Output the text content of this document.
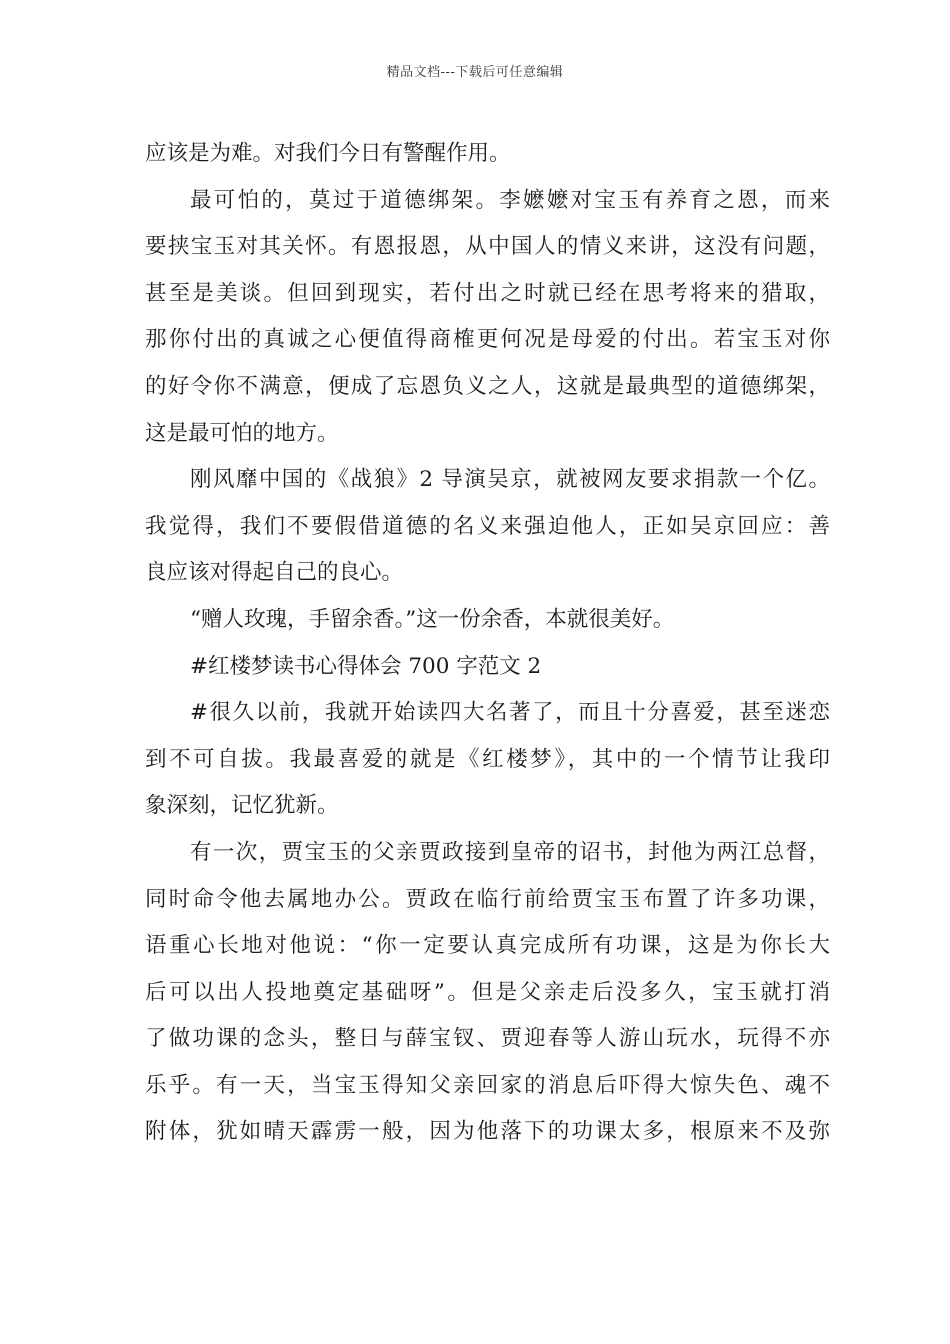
精品文档---下载后可任意编辑
应该是为难。对我们今日有警醒作用。
最可怕的，莫过于道德绑架。李嬷嬷对宝玉有养育之恩，而来
要挟宝玉对其关怀。有恩报恩，从中国人的情义来讲，这没有问题，
甚至是美谈。但回到现实，若付出之时就已经在思考将来的猎取，
那你付出的真诚之心便值得商榷更何况是母爱的付出。若宝玉对你
的好令你不满意，便成了忘恩负义之人，这就是最典型的道德绑架，
这是最可怕的地方。
刚风靡中国的《战狼》2 导演吴京，就被网友要求捐款一个亿。
我觉得，我们不要假借道德的名义来强迫他人，正如吴京回应：善
良应该对得起自己的良心。
“赠人玫瑰，手留余香。”这一份余香，本就很美好。
#红楼梦读书心得体会 700 字范文 2
#很久以前，我就开始读四大名著了，而且十分喜爱，甚至迷恋
到不可自拔。我最喜爱的就是《红楼梦》，其中的一个情节让我印
象深刻，记忆犹新。
有一次，贾宝玉的父亲贾政接到皇帝的诏书，封他为两江总督，
同时命令他去属地办公。贾政在临行前给贾宝玉布置了许多功课，
语重心长地对他说：“你一定要认真完成所有功课，这是为你长大
后可以出人投地奠定基础呀”。但是父亲走后没多久，宝玉就打消
了做功课的念头，整日与薛宝钗、贾迎春等人游山玩水，玩得不亦
乐乎。有一天，当宝玉得知父亲回家的消息后吓得大惊失色、魂不
附体，犹如晴天霹雳一般，因为他落下的功课太多，根原来不及弥
